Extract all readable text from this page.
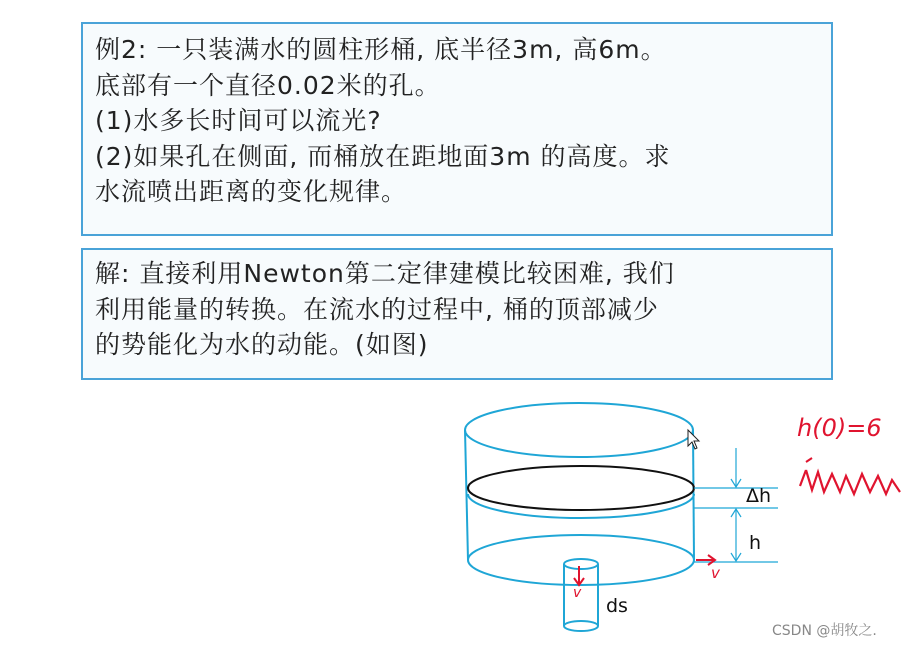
例2: 一只装满水的圆柱形桶, 底半径3m, 高6m。
底部有一个直径0.02米的孔。
(1)水多长时间可以流光?
(2)如果孔在侧面, 而桶放在距地面3m 的高度。求
水流喷出距离的变化规律。
解: 直接利用Newton第二定律建模比较困难, 我们
利用能量的转换。在流水的过程中, 桶的顶部减少
的势能化为水的动能。(如图)
Δh
h
ds
v
v
h(0)=6
CSDN @胡牧之.
